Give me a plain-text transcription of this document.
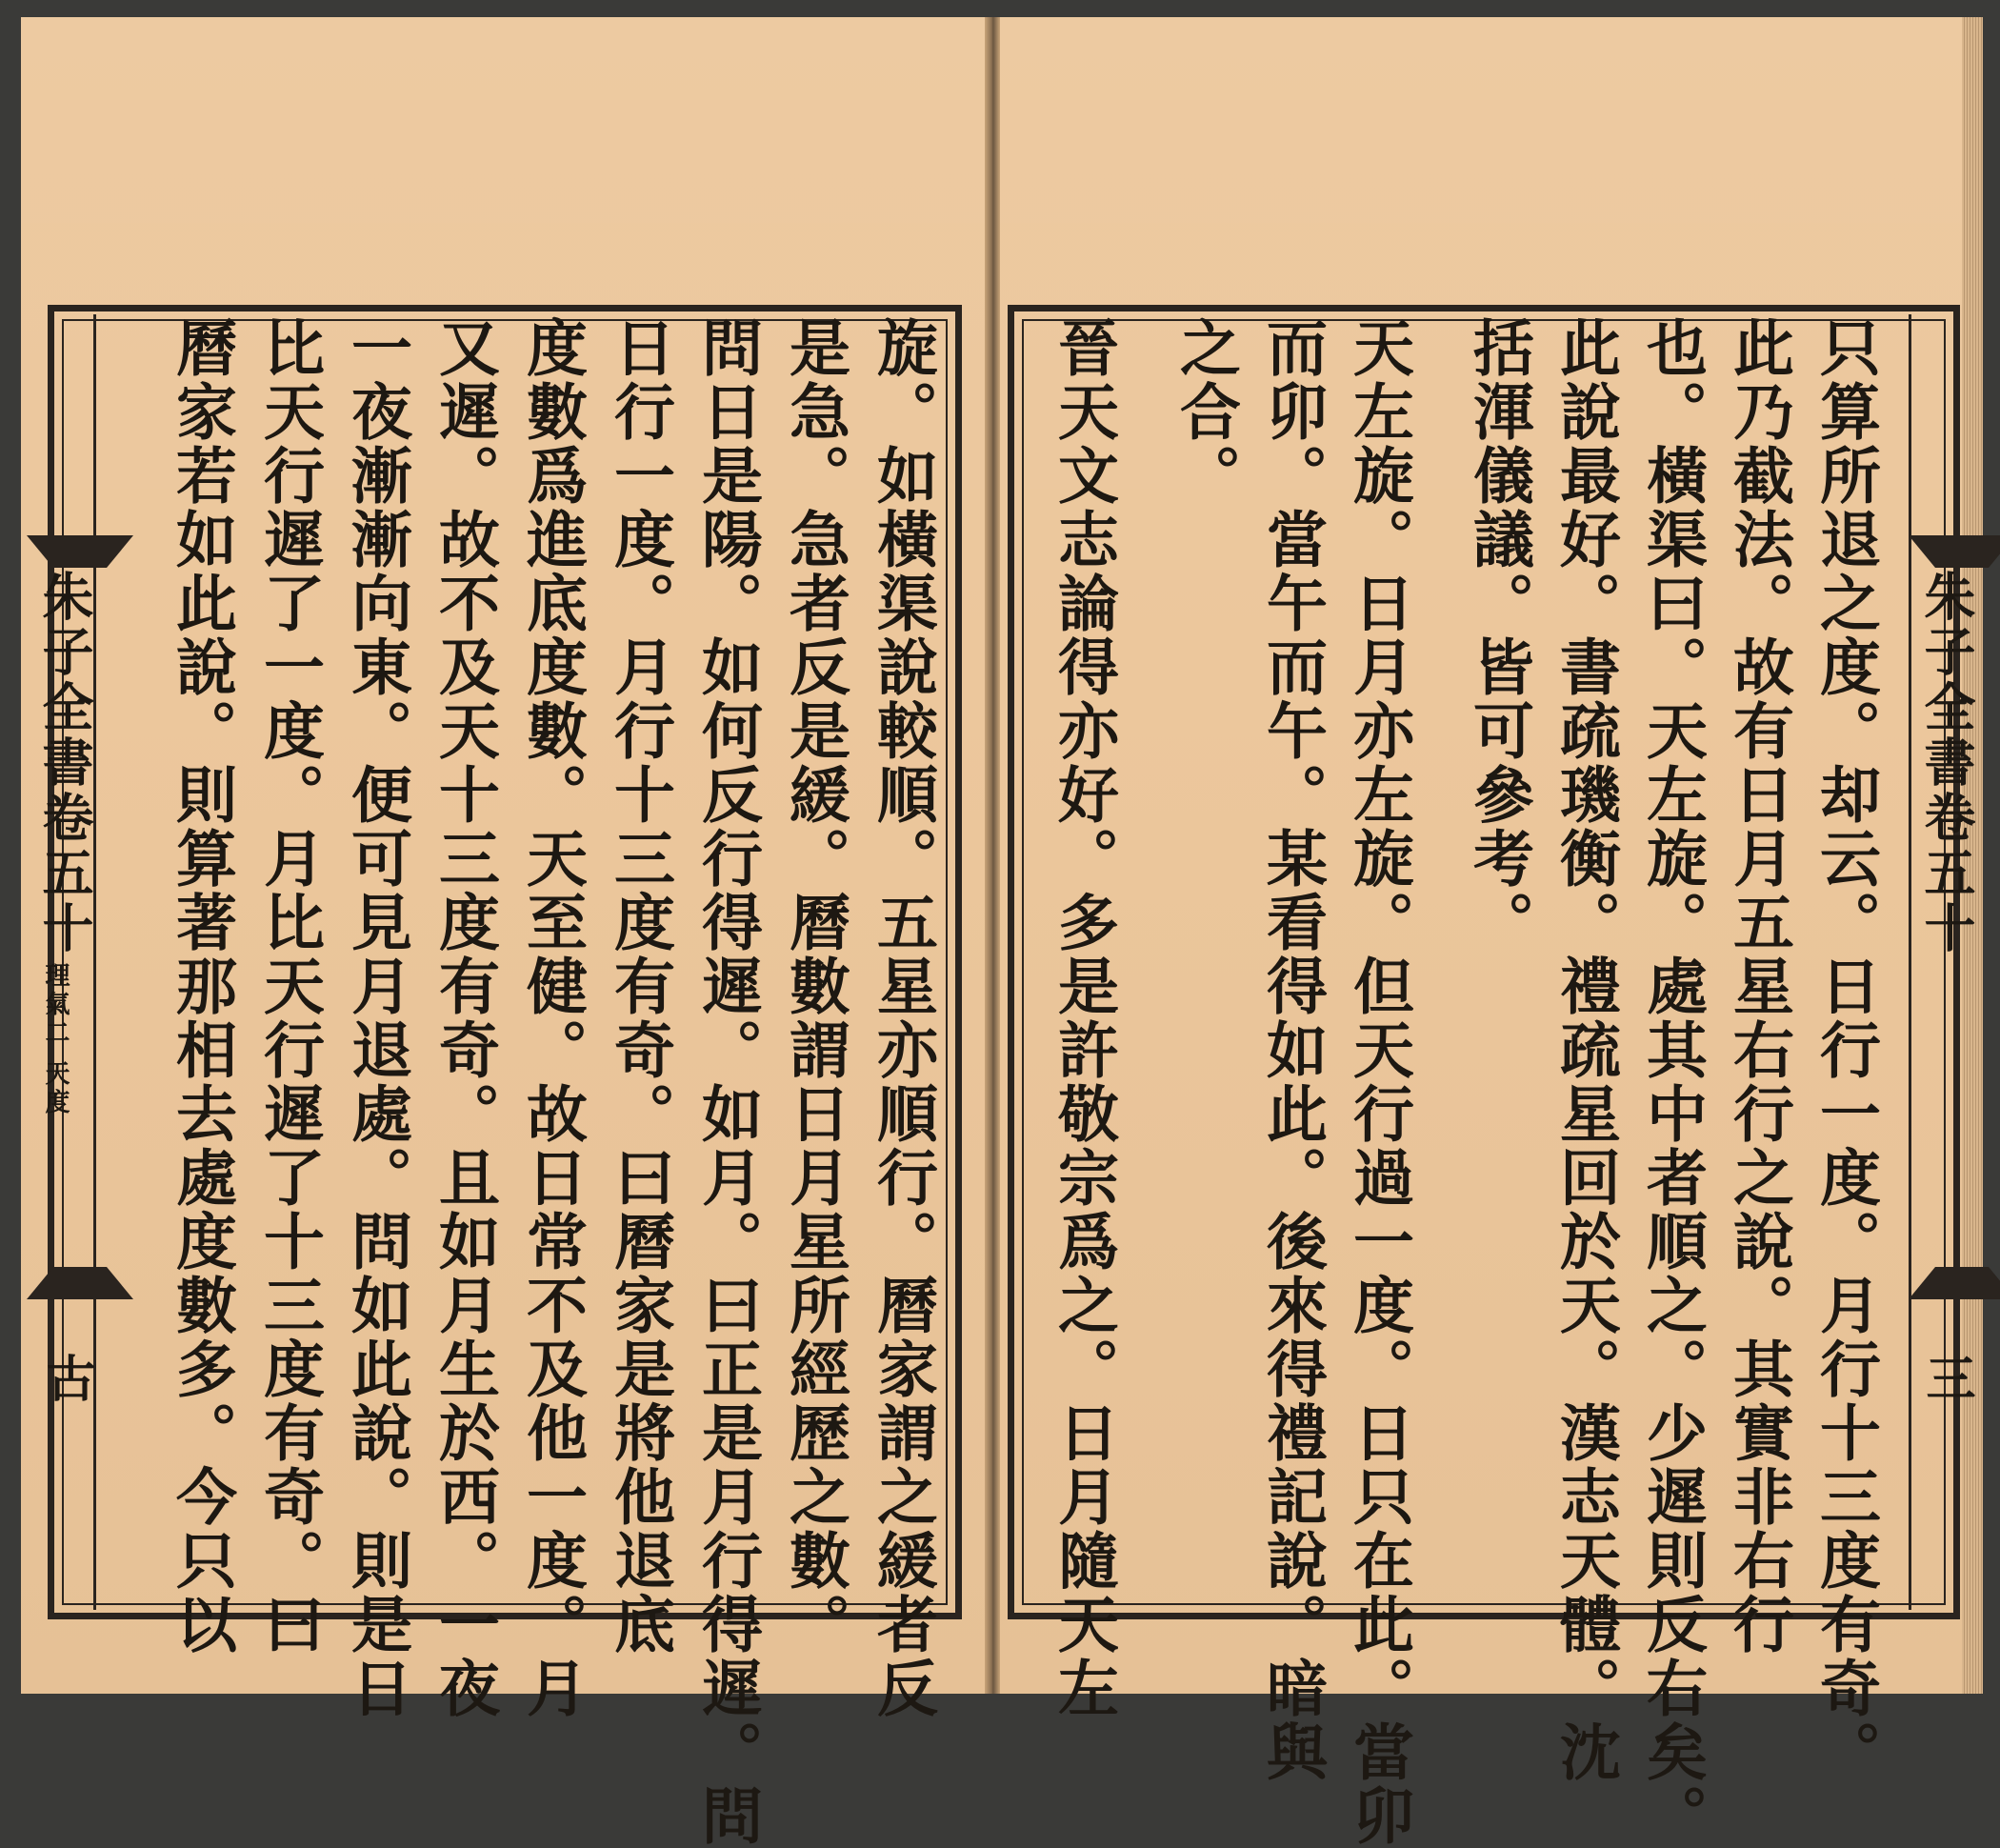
朱子全書卷五十
理氣二 天度
古	旋。如橫渠說較順。五星亦順行。曆家謂之緩者反
是急。急者反是緩。曆數謂日月星所經歷之數。
問日是陽。如何反行得遲。如月。曰正是月行得遲。問
日行一度。月行十三度有奇。曰曆家是將他退底
度數爲進底度數。天至健。故日常不及他一度。月
又遲。故不及天十三度有奇。且如月生於西。一夜
一夜漸漸向東。便可見月退處。問如此說。則是日
比天行遲了一度。月比天行遲了十三度有奇。曰
曆家若如此說。則算著那相去處度數多。今只以	朱子全書卷五十
三
只算所退之度。却云。日行一度。月行十三度有奇。
此乃截法。故有日月五星右行之說。其實非右行
也。橫渠曰。天左旋。處其中者順之。少遲則反右矣。
此說最好。書疏璣衡。禮疏星回於天。漢志天體。沈
括渾儀議。皆可參考。
天左旋。日月亦左旋。但天行過一度。日只在此。當卯
而卯。當午而午。某看得如此。後來得禮記說。暗與
之合。
晉天文志論得亦好。多是許敬宗爲之。日月隨天左
